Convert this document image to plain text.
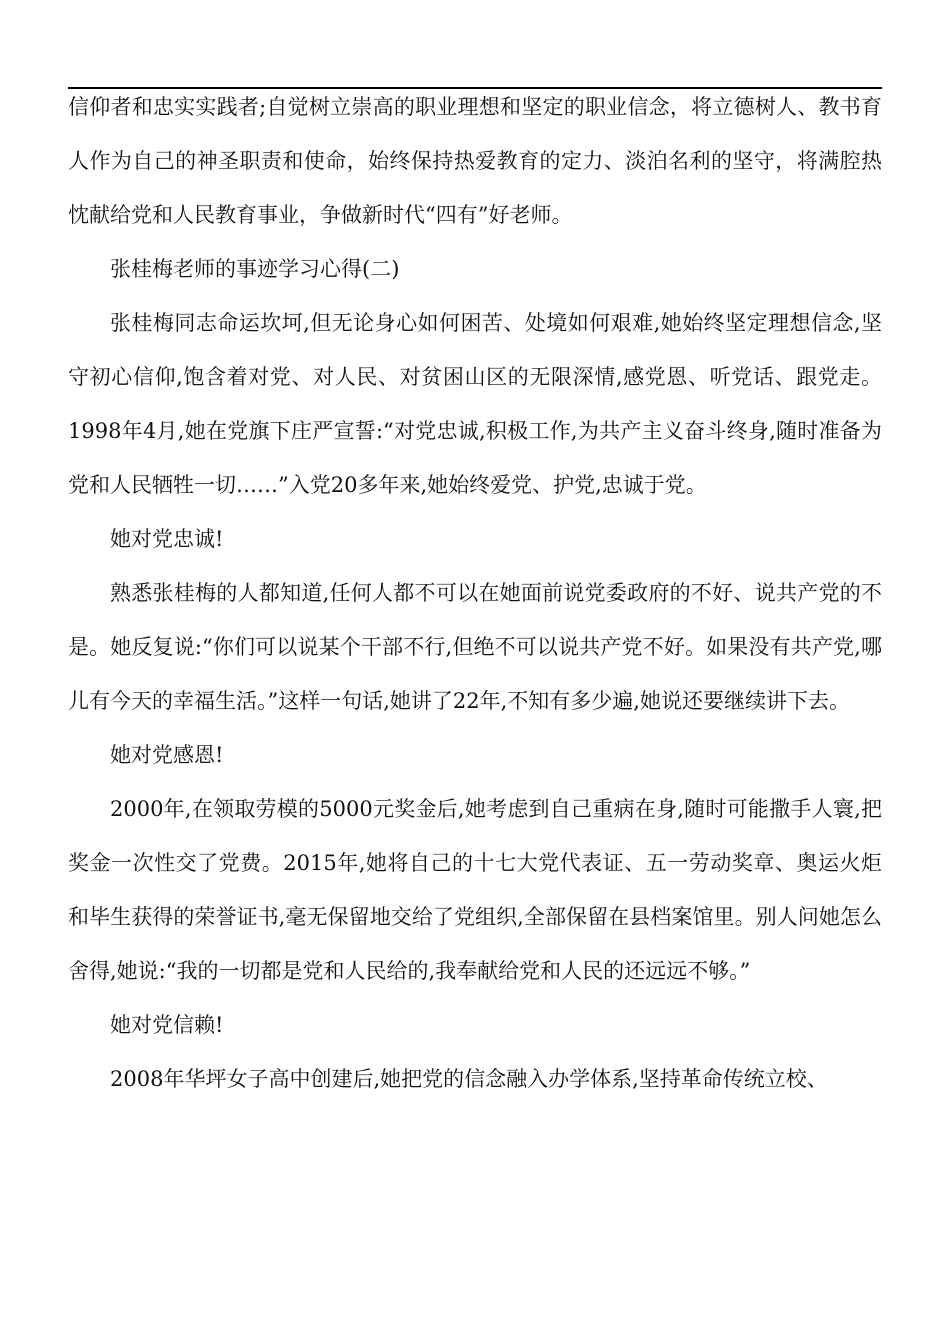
信仰者和忠实实践者;自觉树立崇高的职业理想和坚定的职业信念，将立德树人、教书育人作为自己的神圣职责和使命，始终保持热爱教育的定力、淡泊名利的坚守，将满腔热忱献给党和人民教育事业，争做新时代“四有”好老师。

张桂梅老师的事迹学习心得(二)

张桂梅同志命运坎坷,但无论身心如何困苦、处境如何艰难,她始终坚定理想信念,坚守初心信仰,饱含着对党、对人民、对贫困山区的无限深情,感党恩、听党话、跟党走。1998年4月,她在党旗下庄严宣誓:“对党忠诚,积极工作,为共产主义奋斗终身,随时准备为党和人民牺牲一切……”入党20多年来,她始终爱党、护党,忠诚于党。

她对党忠诚!

熟悉张桂梅的人都知道,任何人都不可以在她面前说党委政府的不好、说共产党的不是。她反复说:“你们可以说某个干部不行,但绝不可以说共产党不好。如果没有共产党,哪儿有今天的幸福生活。”这样一句话,她讲了22年,不知有多少遍,她说还要继续讲下去。

她对党感恩!

2000年,在领取劳模的5000元奖金后,她考虑到自己重病在身,随时可能撒手人寰,把奖金一次性交了党费。2015年,她将自己的十七大党代表证、五一劳动奖章、奥运火炬和毕生获得的荣誉证书,毫无保留地交给了党组织,全部保留在县档案馆里。别人问她怎么舍得,她说:“我的一切都是党和人民给的,我奉献给党和人民的还远远不够。”

她对党信赖!

2008年华坪女子高中创建后,她把党的信念融入办学体系,坚持革命传统立校、
